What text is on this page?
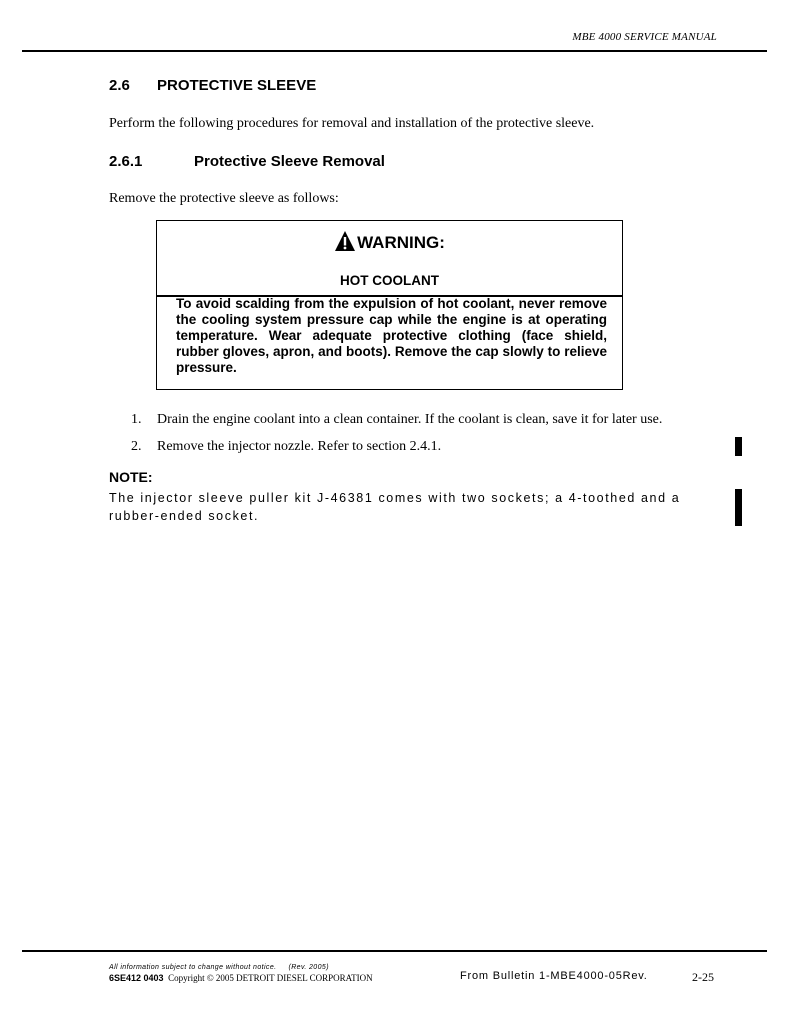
MBE 4000 SERVICE MANUAL
2.6 PROTECTIVE SLEEVE
Perform the following procedures for removal and installation of the protective sleeve.
2.6.1	Protective Sleeve Removal
Remove the protective sleeve as follows:
WARNING:
HOT COOLANT
To avoid scalding from the expulsion of hot coolant, never remove the cooling system pressure cap while the engine is at operating temperature. Wear adequate protective clothing (face shield, rubber gloves, apron, and boots). Remove the cap slowly to relieve pressure.
1. Drain the engine coolant into a clean container. If the coolant is clean, save it for later use.
2. Remove the injector nozzle. Refer to section 2.4.1.
NOTE:
The injector sleeve puller kit J-46381 comes with two sockets; a 4-toothed and a rubber-ended socket.
All information subject to change without notice. (Rev. 2005)
6SE412 0403 Copyright © 2005 DETROIT DIESEL CORPORATION	From Bulletin 1-MBE4000-05Rev.	2-25
